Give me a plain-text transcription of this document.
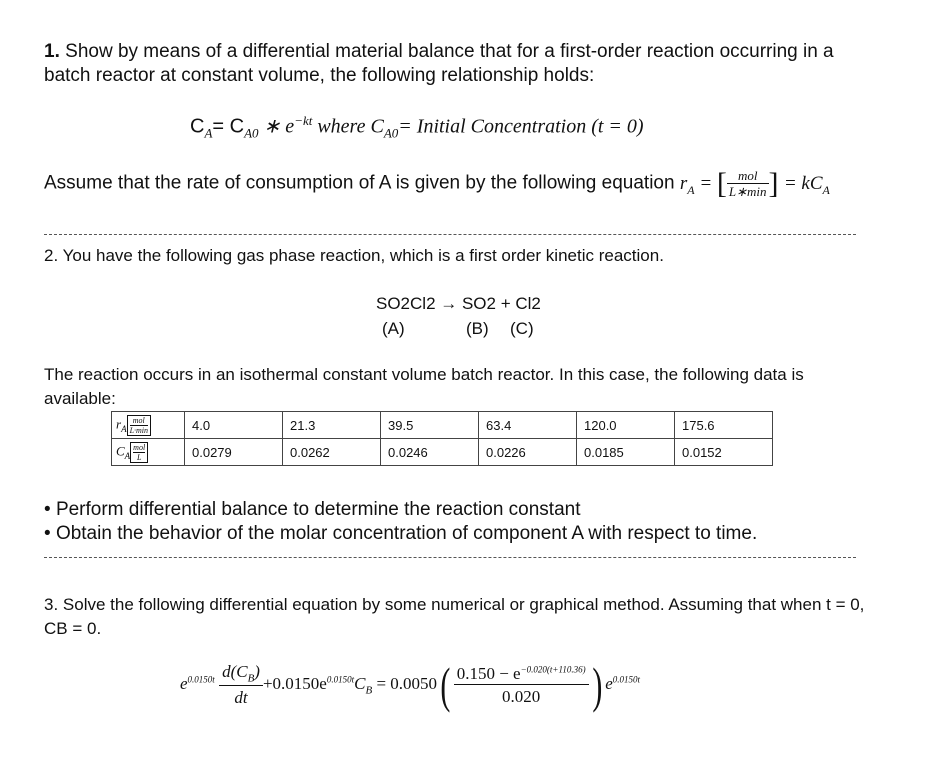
1. Show by means of a differential material balance that for a first-order reaction occurring in a batch reactor at constant volume, the following relationship holds:

$C_A= C_{A0}$ ∗ $e^{-kt}$ where $C_{A0}=$ Initial Concentration (t = 0)
Assume that the rate of consumption of A is given by the following equation $r_A$ = [ $\frac{\text{mol}}{L∗\min}$ ] = $kC_A$

2. You have the following gas phase reaction, which is a first order kinetic reaction.

SO2Cl2 → SO2 + Cl2

(A)	(B) (C)

The reaction occurs in an isothermal constant volume batch reactor. In this case, the following data is available:

$r_A$
mol
L·min	4.0	21.3	39.5	63.4	120.0	175.6
$C_A$
mol
L	0.0279	0.0262	0.0246	0.0226	0.0185	0.0152
• Perform differential balance to determine the reaction constant
• Obtain the behavior of the molar concentration of component A with respect to time.

3. Solve the following differential equation by some numerical or graphical method. Assuming that when t = 0, CB = 0.

$e^{0.0150t} \frac{d(C_B)}{dt} +0.0150e^{0.0150t}C_B = 0.0050( \frac{0.150 - e^{-0.020(t+110.36)}}{0.020}$ ) $e^{0.0150t}$
